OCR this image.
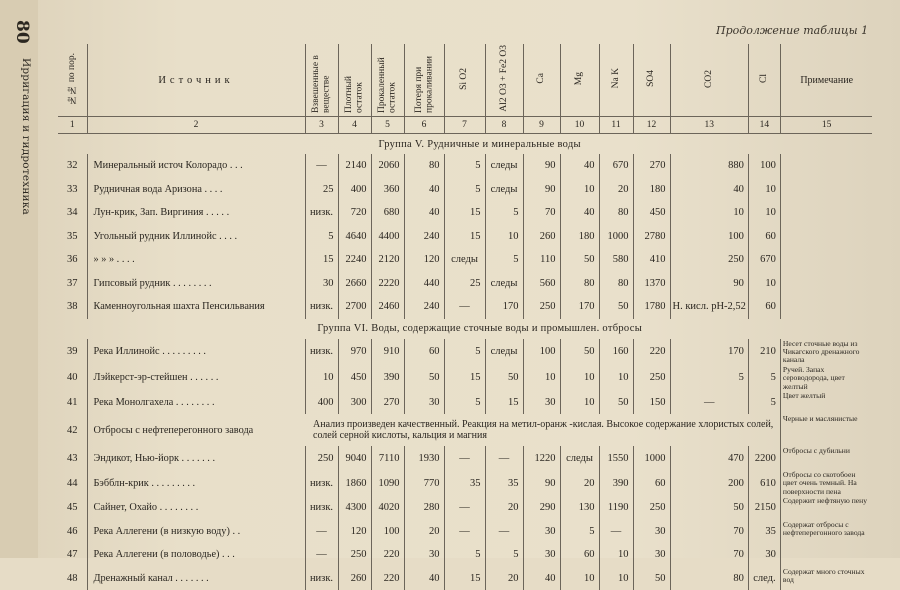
80
Ирригация и гидротехника
Продолжение таблицы 1
№№ по пор.	Источник	Взвешенные в веществе	Плотный остаток	Прокаленный остаток	Потеря при прокаливании	Si O2	Al2 O3 + Fe2 O3	Ca	Mg	Na K	SO4	CO2	Cl	Примечание
1	2	3	4	5	6	7	8	9	10	11	12	13	14	15
	Группа V. Рудничные и минеральные воды													
32	Минеральный источ Колорадо . . .	—	2140	2060	80	5	следы	90	40	670	270	880	100	
33	Рудничная вода Аризона . . . .	25	400	360	40	5	следы	90	10	20	180	40	10	
34	Лун-крик, Зап. Виргиния . . . . .	низк.	720	680	40	15	5	70	40	80	450	10	10	
35	Угольный рудник Иллинойс . . . .	5	4640	4400	240	15	10	260	180	1000	2780	100	60	
36	» » » . . . .	15	2240	2120	120	следы	5	110	50	580	410	250	670	
37	Гипсовый рудник . . . . . . . .	30	2660	2220	440	25	следы	560	80	80	1370	90	10	
38	Каменноугольная шахта Пенсильвания	низк.	2700	2460	240	—	170	250	170	50	1780	Н. кисл. рН-2,52	60	
	Группа VI. Воды, содержащие сточные воды и промышлен. отбросы													
39	Река Иллинойс . . . . . . . . .	низк.	970	910	60	5	следы	100	50	160	220	170	210	Несет сточные воды из Чикагского дренажного канала
40	Лэйкерст-эр-стейшен . . . . . .	10	450	390	50	15	50	10	10	10	250	5	5	Ручей. Запах сероводорода, цвет желтый
41	Река Монолгахела . . . . . . . .	400	300	270	30	5	15	30	10	50	150	—	5	Цвет желтый
42	Отбросы с нефтеперегонного завода	Анализ произведен качественный. Реакция на метил-оранж -кислая. Высокое содержание хлористых солей, солей серной кислоты, кальция и магния												Черные и маслянистые
43	Эндикот, Нью-йорк . . . . . . .	250	9040	7110	1930	—	—	1220	следы	1550	1000	470	2200	Отбросы с дубильни
44	Бэбблн-крик . . . . . . . . .	низк.	1860	1090	770	35	35	90	20	390	60	200	610	Отбросы со скотобоен цвет очень темный. На поверхности пена
45	Сайнет, Охайо . . . . . . . .	низк.	4300	4020	280	—	20	290	130	1190	250	50	2150	Содержит нефтяную пену
46	Река Аллегени (в низкую воду) . .	—	120	100	20	—	—	30	5	—	30	70	35	Содержат отбросы с нефтеперегонного завода
47	Река Аллегени (в половодье) . . .	—	250	220	30	5	5	30	60	10	30	70	30	
48	Дренажный канал . . . . . . .	низк.	260	220	40	15	20	40	10	10	50	80	след.	Содержат много сточных вод
